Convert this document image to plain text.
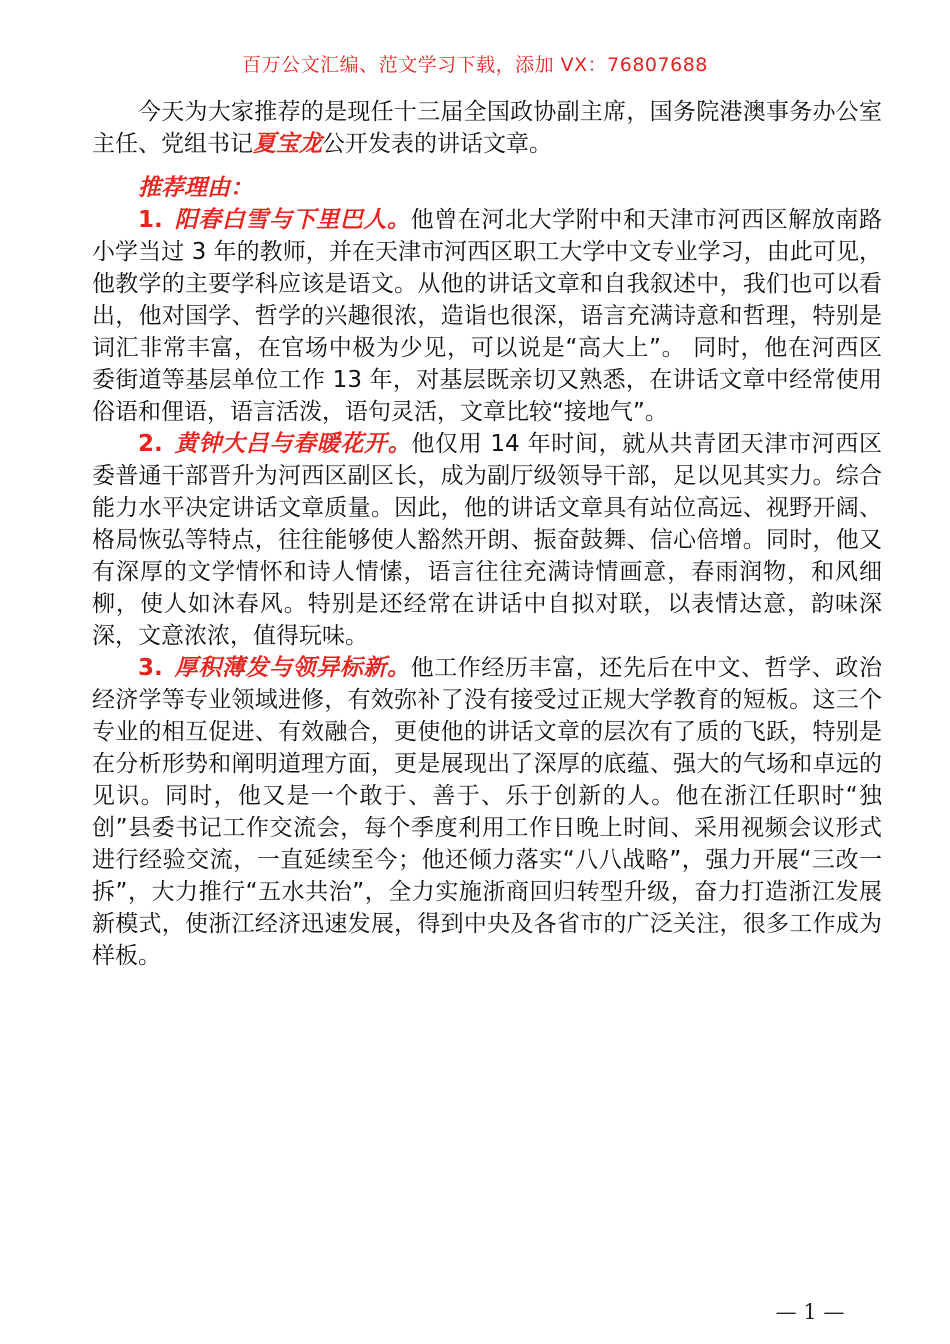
百万公文汇编、范文学习下载，添加 VX：76807688

今天为大家推荐的是现任十三届全国政协副主席，国务院港澳事务办公室主任、党组书记夏宝龙公开发表的讲话文章。

推荐理由：

1. 阳春白雪与下里巴人。他曾在河北大学附中和天津市河西区解放南路小学当过 3 年的教师，并在天津市河西区职工大学中文专业学习，由此可见，他教学的主要学科应该是语文。从他的讲话文章和自我叙述中，我们也可以看出，他对国学、哲学的兴趣很浓，造诣也很深，语言充满诗意和哲理，特别是词汇非常丰富，在官场中极为少见，可以说是“高大上”。 同时，他在河西区委街道等基层单位工作 13 年，对基层既亲切又熟悉，在讲话文章中经常使用俗语和俚语，语言活泼，语句灵活，文章比较“接地气”。

2. 黄钟大吕与春暖花开。他仅用 14 年时间，就从共青团天津市河西区委普通干部晋升为河西区副区长，成为副厅级领导干部，足以见其实力。综合能力水平决定讲话文章质量。因此，他的讲话文章具有站位高远、视野开阔、格局恢弘等特点，往往能够使人豁然开朗、振奋鼓舞、信心倍增。同时，他又有深厚的文学情怀和诗人情愫，语言往往充满诗情画意，春雨润物，和风细柳，使人如沐春风。特别是还经常在讲话中自拟对联，以表情达意，韵味深深，文意浓浓，值得玩味。

3. 厚积薄发与领异标新。他工作经历丰富，还先后在中文、哲学、政治经济学等专业领域进修，有效弥补了没有接受过正规大学教育的短板。这三个专业的相互促进、有效融合，更使他的讲话文章的层次有了质的飞跃，特别是在分析形势和阐明道理方面，更是展现出了深厚的底蕴、强大的气场和卓远的见识。同时，他又是一个敢于、善于、乐于创新的人。他在浙江任职时“独创”县委书记工作交流会，每个季度利用工作日晚上时间、采用视频会议形式进行经验交流，一直延续至今；他还倾力落实“八八战略”，强力开展“三改一拆”，大力推行“五水共治”，全力实施浙商回归转型升级，奋力打造浙江发展新模式，使浙江经济迅速发展，得到中央及各省市的广泛关注，很多工作成为样板。

— 1 —
